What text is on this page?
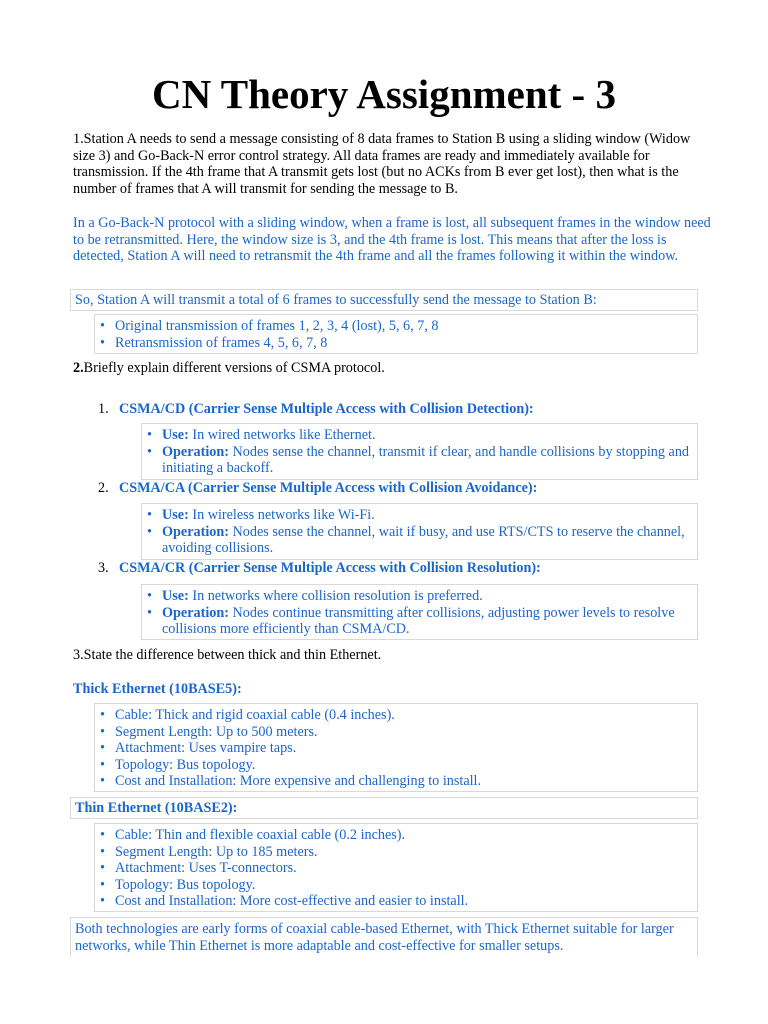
CN Theory Assignment - 3

1.Station A needs to send a message consisting of 8 data frames to Station B using a sliding window (Widow size 3) and Go-Back-N error control strategy. All data frames are ready and immediately available for transmission. If the 4th frame that A transmit gets lost (but no ACKs from B ever get lost), then what is the number of frames that A will transmit for sending the message to B.

In a Go-Back-N protocol with a sliding window, when a frame is lost, all subsequent frames in the window need to be retransmitted. Here, the window size is 3, and the 4th frame is lost. This means that after the loss is detected, Station A will need to retransmit the 4th frame and all the frames following it within the window.

So, Station A will transmit a total of 6 frames to successfully send the message to Station B:
• Original transmission of frames 1, 2, 3, 4 (lost), 5, 6, 7, 8
• Retransmission of frames 4, 5, 6, 7, 8

2.Briefly explain different versions of CSMA protocol.

1. CSMA/CD (Carrier Sense Multiple Access with Collision Detection):

• Use: In wired networks like Ethernet.
• Operation: Nodes sense the channel, transmit if clear, and handle collisions by stopping and initiating a backoff.
2. CSMA/CA (Carrier Sense Multiple Access with Collision Avoidance):

• Use: In wireless networks like Wi-Fi.
• Operation: Nodes sense the channel, wait if busy, and use RTS/CTS to reserve the channel, avoiding collisions.
3. CSMA/CR (Carrier Sense Multiple Access with Collision Resolution):

• Use: In networks where collision resolution is preferred.
• Operation: Nodes continue transmitting after collisions, adjusting power levels to resolve collisions more efficiently than CSMA/CD.

3.State the difference between thick and thin Ethernet.

Thick Ethernet (10BASE5):

• Cable: Thick and rigid coaxial cable (0.4 inches).
• Segment Length: Up to 500 meters.
• Attachment: Uses vampire taps.
• Topology: Bus topology.
• Cost and Installation: More expensive and challenging to install.
Thin Ethernet (10BASE2):
• Cable: Thin and flexible coaxial cable (0.2 inches).
• Segment Length: Up to 185 meters.
• Attachment: Uses T-connectors.
• Topology: Bus topology.
• Cost and Installation: More cost-effective and easier to install.
Both technologies are early forms of coaxial cable-based Ethernet, with Thick Ethernet suitable for larger networks, while Thin Ethernet is more adaptable and cost-effective for smaller setups.
